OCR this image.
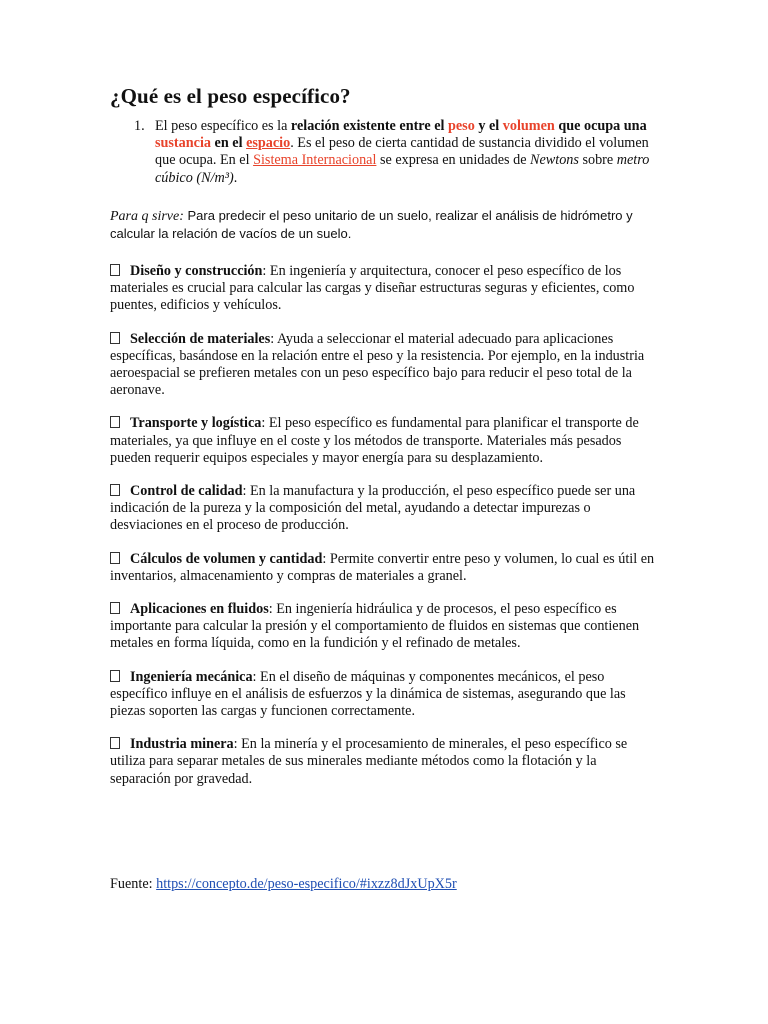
¿Qué es el peso específico?
1. El peso específico es la relación existente entre el peso y el volumen que ocupa una sustancia en el espacio. Es el peso de cierta cantidad de sustancia dividido el volumen que ocupa. En el Sistema Internacional se expresa en unidades de Newtons sobre metro cúbico (N/m³).
Para q sirve: Para predecir el peso unitario de un suelo, realizar el análisis de hidrómetro y calcular la relación de vacíos de un suelo.

Diseño y construcción: En ingeniería y arquitectura, conocer el peso específico de los materiales es crucial para calcular las cargas y diseñar estructuras seguras y eficientes, como puentes, edificios y vehículos.

Selección de materiales: Ayuda a seleccionar el material adecuado para aplicaciones específicas, basándose en la relación entre el peso y la resistencia. Por ejemplo, en la industria aeroespacial se prefieren metales con un peso específico bajo para reducir el peso total de la aeronave.

Transporte y logística: El peso específico es fundamental para planificar el transporte de materiales, ya que influye en el coste y los métodos de transporte. Materiales más pesados pueden requerir equipos especiales y mayor energía para su desplazamiento.

Control de calidad: En la manufactura y la producción, el peso específico puede ser una indicación de la pureza y la composición del metal, ayudando a detectar impurezas o desviaciones en el proceso de producción.

Cálculos de volumen y cantidad: Permite convertir entre peso y volumen, lo cual es útil en inventarios, almacenamiento y compras de materiales a granel.

Aplicaciones en fluidos: En ingeniería hidráulica y de procesos, el peso específico es importante para calcular la presión y el comportamiento de fluidos en sistemas que contienen metales en forma líquida, como en la fundición y el refinado de metales.

Ingeniería mecánica: En el diseño de máquinas y componentes mecánicos, el peso específico influye en el análisis de esfuerzos y la dinámica de sistemas, asegurando que las piezas soporten las cargas y funcionen correctamente.

Industria minera: En la minería y el procesamiento de minerales, el peso específico se utiliza para separar metales de sus minerales mediante métodos como la flotación y la separación por gravedad.

Fuente: https://concepto.de/peso-especifico/#ixzz8dJxUpX5r
